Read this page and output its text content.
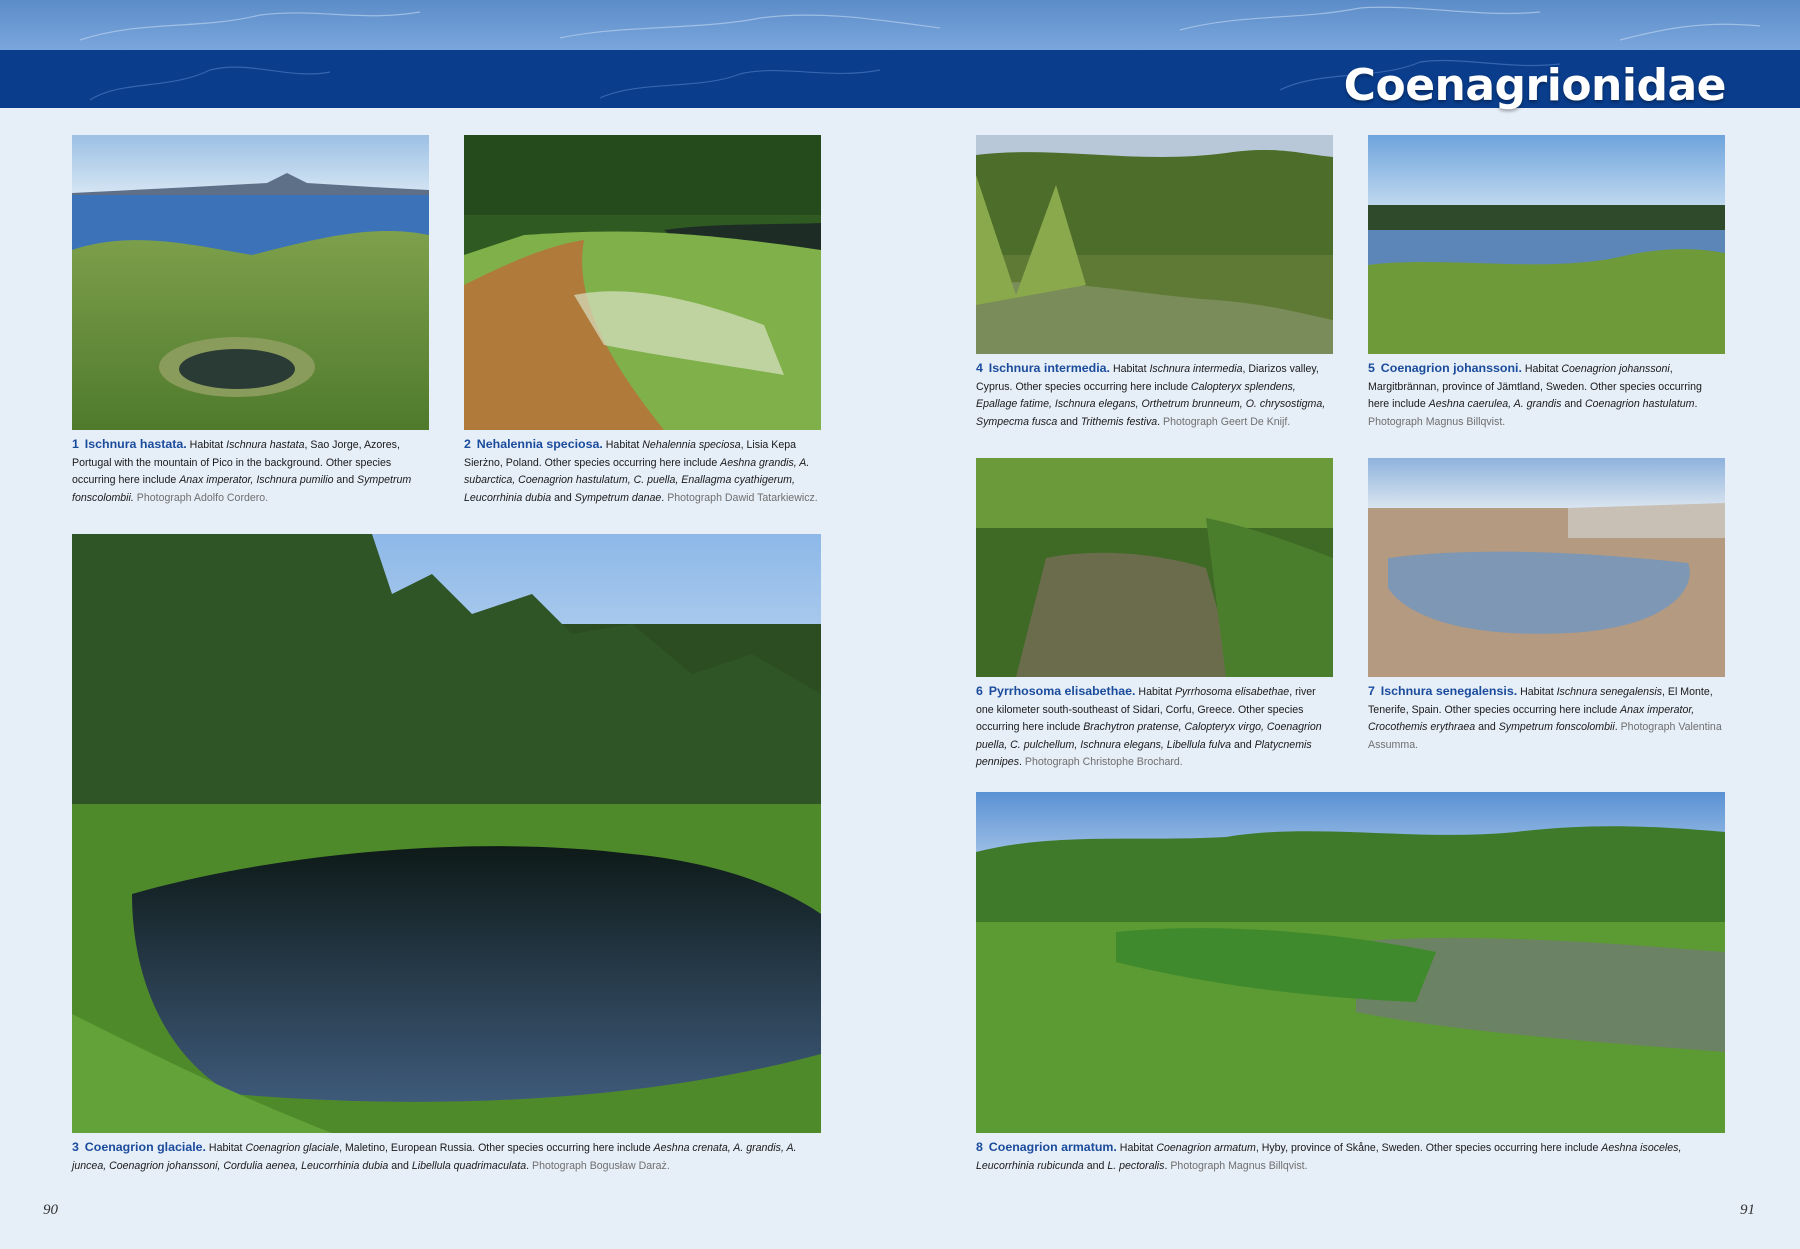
Coenagrionidae
1 Ischnura hastata. Habitat Ischnura hastata, Sao Jorge, Azores, Portugal with the mountain of Pico in the background. Other species occurring here include Anax imperator, Ischnura pumilio and Sympetrum fonscolombii. Photograph Adolfo Cordero.
2 Nehalennia speciosa. Habitat Nehalennia speciosa, Lisia Kepa Sierżno, Poland. Other species occurring here include Aeshna grandis, A. subarctica, Coenagrion hastulatum, C. puella, Enallagma cyathigerum, Leucorrhinia dubia and Sympetrum danae. Photograph Dawid Tatarkiewicz.
3 Coenagrion glaciale. Habitat Coenagrion glaciale, Maletino, European Russia. Other species occurring here include Aeshna crenata, A. grandis, A. juncea, Coenagrion johanssoni, Cordulia aenea, Leucorrhinia dubia and Libellula quadrimaculata. Photograph Bogusław Daraż.
4 Ischnura intermedia. Habitat Ischnura intermedia, Diarizos valley, Cyprus. Other species occurring here include Calopteryx splendens, Epallage fatime, Ischnura elegans, Orthetrum brunneum, O. chrysostigma, Sympecma fusca and Trithemis festiva. Photograph Geert De Knijf.
5 Coenagrion johanssoni. Habitat Coenagrion johanssoni, Margitbrännan, province of Jämtland, Sweden. Other species occurring here include Aeshna caerulea, A. grandis and Coenagrion hastulatum. Photograph Magnus Billqvist.
6 Pyrrhosoma elisabethae. Habitat Pyrrhosoma elisabethae, river one kilometer south-southeast of Sidari, Corfu, Greece. Other species occurring here include Brachytron pratense, Calopteryx virgo, Coenagrion puella, C. pulchellum, Ischnura elegans, Libellula fulva and Platycnemis pennipes. Photograph Christophe Brochard.
7 Ischnura senegalensis. Habitat Ischnura senegalensis, El Monte, Tenerife, Spain. Other species occurring here include Anax imperator, Crocothemis erythraea and Sympetrum fonscolombii. Photograph Valentina Assumma.
8 Coenagrion armatum. Habitat Coenagrion armatum, Hyby, province of Skåne, Sweden. Other species occurring here include Aeshna isoceles, Leucorrhinia rubicunda and L. pectoralis. Photograph Magnus Billqvist.
90	91
